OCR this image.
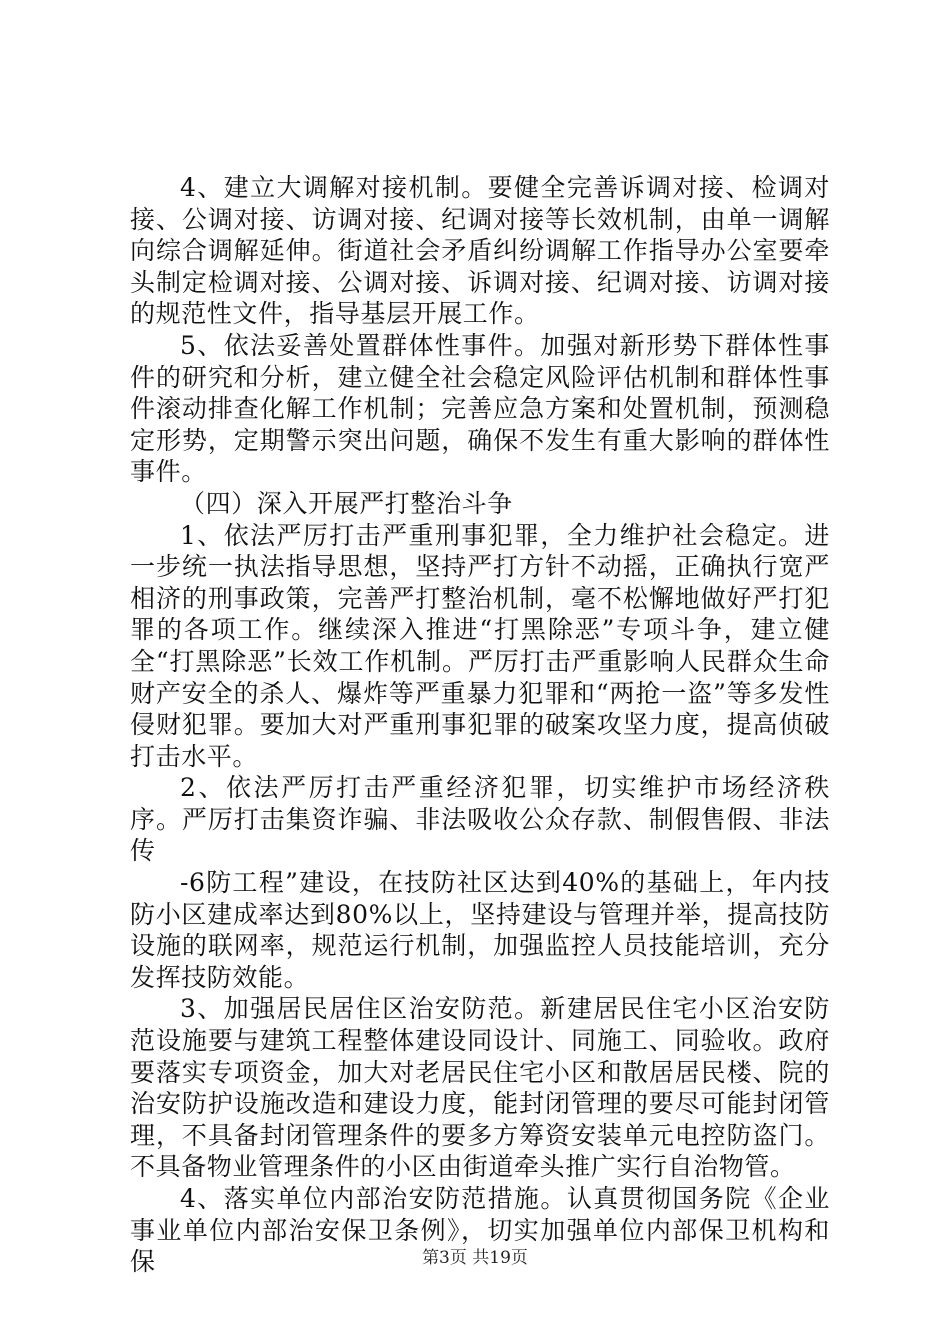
4、建立大调解对接机制。要健全完善诉调对接、检调对接、公调对接、访调对接、纪调对接等长效机制，由单一调解向综合调解延伸。街道社会矛盾纠纷调解工作指导办公室要牵头制定检调对接、公调对接、诉调对接、纪调对接、访调对接的规范性文件，指导基层开展工作。

5、依法妥善处置群体性事件。加强对新形势下群体性事件的研究和分析，建立健全社会稳定风险评估机制和群体性事件滚动排查化解工作机制；完善应急方案和处置机制，预测稳定形势，定期警示突出问题，确保不发生有重大影响的群体性事件。

（四）深入开展严打整治斗争

1、依法严厉打击严重刑事犯罪，全力维护社会稳定。进一步统一执法指导思想，坚持严打方针不动摇，正确执行宽严相济的刑事政策，完善严打整治机制，毫不松懈地做好严打犯罪的各项工作。继续深入推进“打黑除恶”专项斗争，建立健全“打黑除恶”长效工作机制。严厉打击严重影响人民群众生命财产安全的杀人、爆炸等严重暴力犯罪和“两抢一盗”等多发性侵财犯罪。要加大对严重刑事犯罪的破案攻坚力度，提高侦破打击水平。

2、依法严厉打击严重经济犯罪，切实维护市场经济秩序。严厉打击集资诈骗、非法吸收公众存款、制假售假、非法传

-6防工程”建设，在技防社区达到40%的基础上，年内技防小区建成率达到80%以上，坚持建设与管理并举，提高技防设施的联网率，规范运行机制，加强监控人员技能培训，充分发挥技防效能。

3、加强居民居住区治安防范。新建居民住宅小区治安防范设施要与建筑工程整体建设同设计、同施工、同验收。政府要落实专项资金，加大对老居民住宅小区和散居居民楼、院的治安防护设施改造和建设力度，能封闭管理的要尽可能封闭管理，不具备封闭管理条件的要多方筹资安装单元电控防盗门。不具备物业管理条件的小区由街道牵头推广实行自治物管。

4、落实单位内部治安防范措施。认真贯彻国务院《企业事业单位内部治安保卫条例》，切实加强单位内部保卫机构和保	第3页 共19页
